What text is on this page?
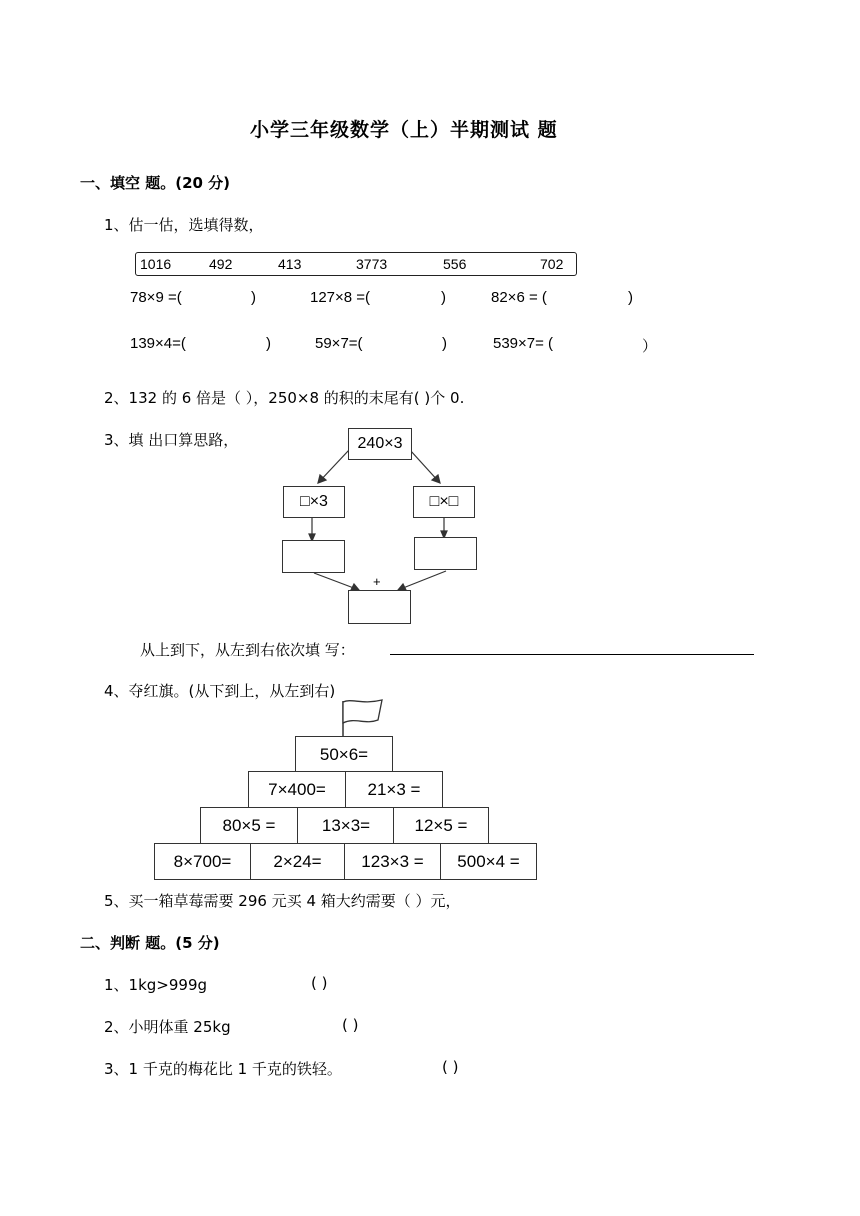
小学三年级数学（上）半期测试 题
一、填空 题。(20 分)
1、估一估，选填得数，
1016	492	413	3773	556	702
78×9 =(	)	127×8 =(	)	82×6 = (	)
139×4=(	)	59×7=(	)	539×7= (	）
2、132 的 6 倍是（ ），250×8 的积的末尾有( )个 0.
3、填 出口算思路，	240×3
□×3	□×□
+
从上到下，从左到右依次填 写：
4、夺红旗。(从下到上，从左到右)
50×6=
7×400=	21×3 =
80×5 =	13×3=	12×5 =
8×700=	2×24=	123×3 =	500×4 =
5、买一箱草莓需要 296 元买 4 箱大约需要（ ）元，
二、判断 题。(5 分)
1、1kg>999g	( )
2、小明体重 25kg	( )
3、1 千克的梅花比 1 千克的铁轻。	( )
